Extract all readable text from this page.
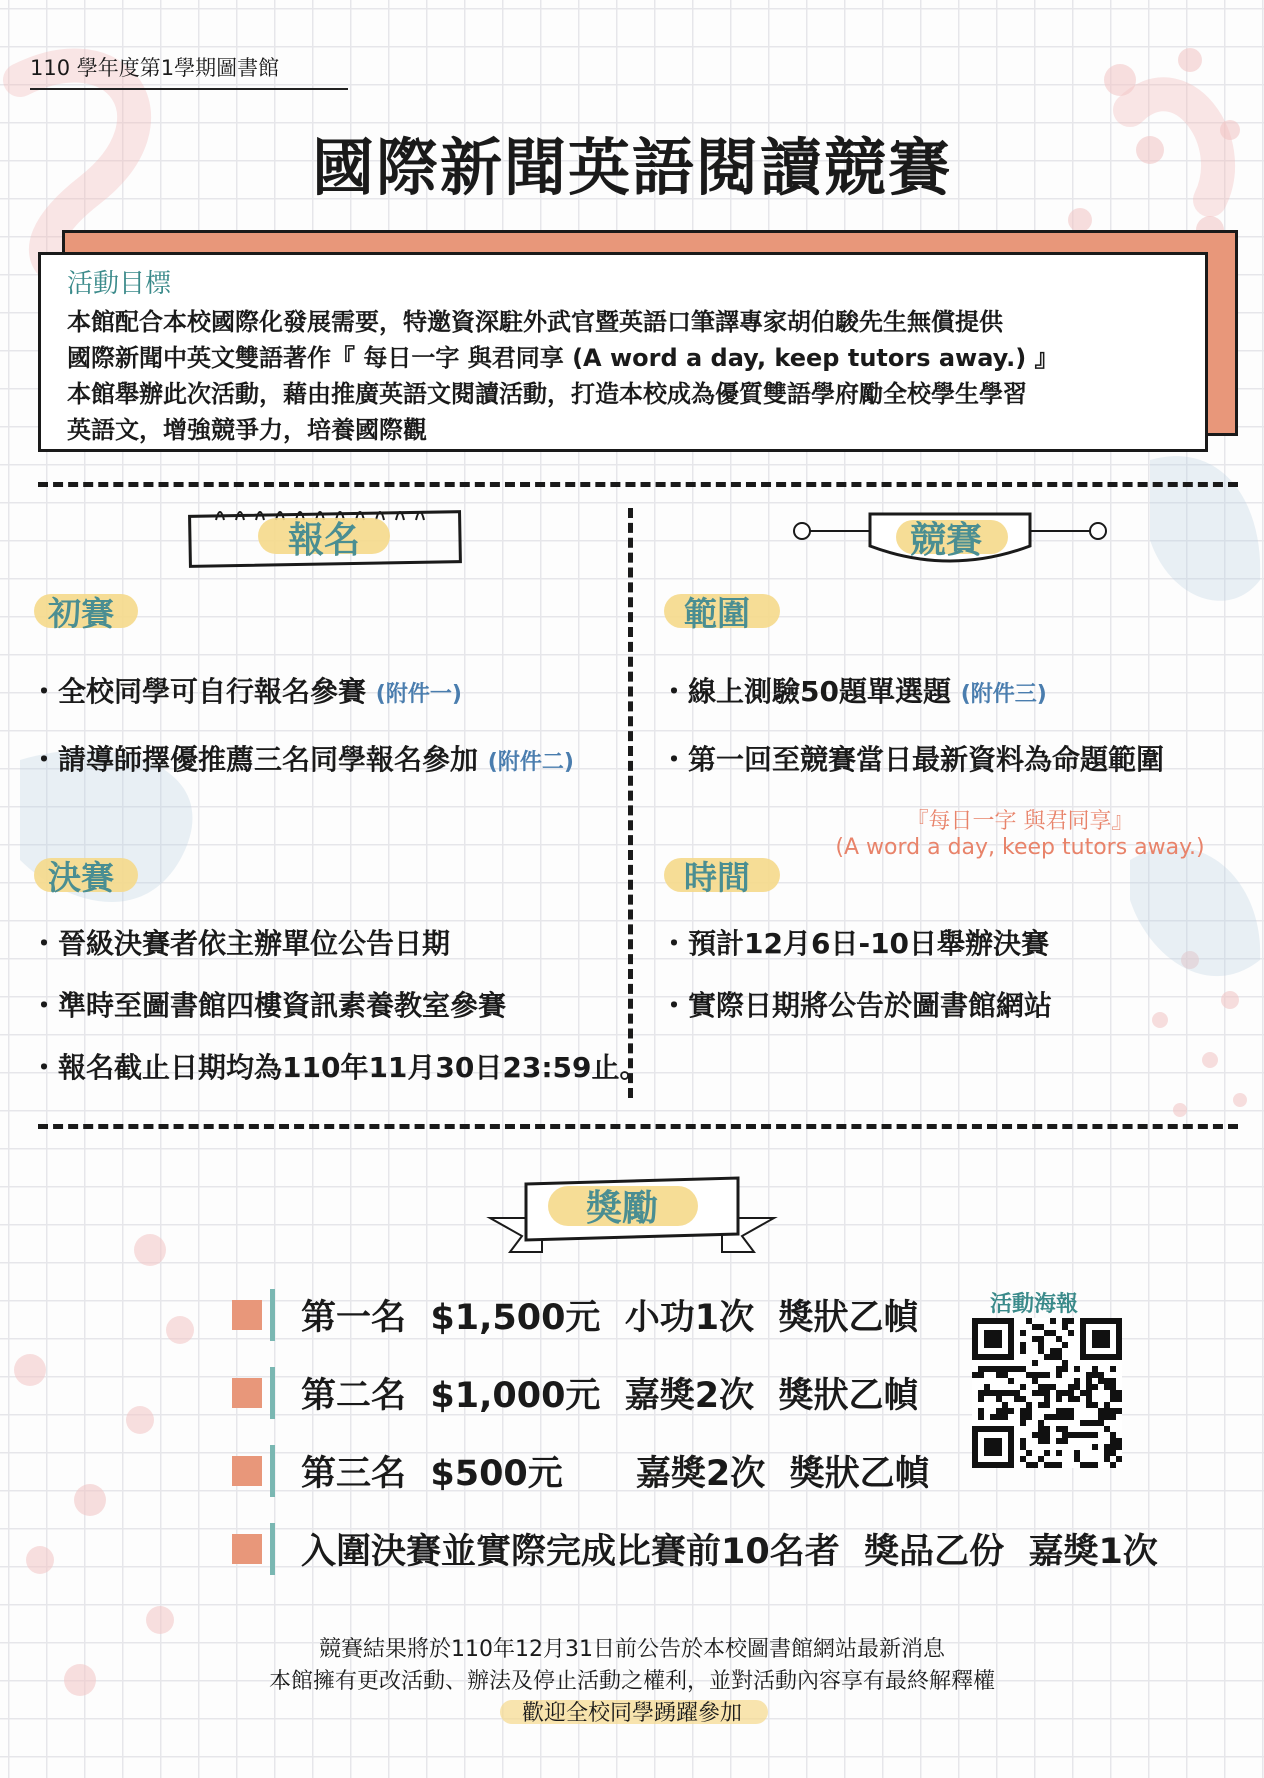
110 學年度第1學期圖書館
國際新聞英語閱讀競賽
活動目標
本館配合本校國際化發展需要，特邀資深駐外武官暨英語口筆譯專家胡伯駿先生無償提供
國際新聞中英文雙語著作『 每日一字 與君同享 (A word a day, keep tutors away.) 』
本館舉辦此次活動，藉由推廣英語文閱讀活動，打造本校成為優質雙語學府勵全校學生學習
英語文，增強競爭力，培養國際觀
報名	競賽
初賽
・全校同學可自行報名參賽 (附件一)
・請導師擇優推薦三名同學報名參加 (附件二)
決賽
・晉級決賽者依主辦單位公告日期
・準時至圖書館四樓資訊素養教室參賽
・報名截止日期均為110年11月30日23:59止。
範圍
・線上測驗50題單選題 (附件三)
・第一回至競賽當日最新資料為命題範圍
『每日一字 與君同享』
(A word a day, keep tutors away.)
時間
・預計12月6日-10日舉辦決賽
・實際日期將公告於圖書館網站
獎勵
第一名  $1,500元  小功1次  獎狀乙幀
第二名  $1,000元  嘉獎2次  獎狀乙幀
第三名  $500元      嘉獎2次  獎狀乙幀
入圍決賽並實際完成比賽前10名者  獎品乙份  嘉獎1次
活動海報
競賽結果將於110年12月31日前公告於本校圖書館網站最新消息
本館擁有更改活動、辦法及停止活動之權利，並對活動內容享有最終解釋權
歡迎全校同學踴躍參加
